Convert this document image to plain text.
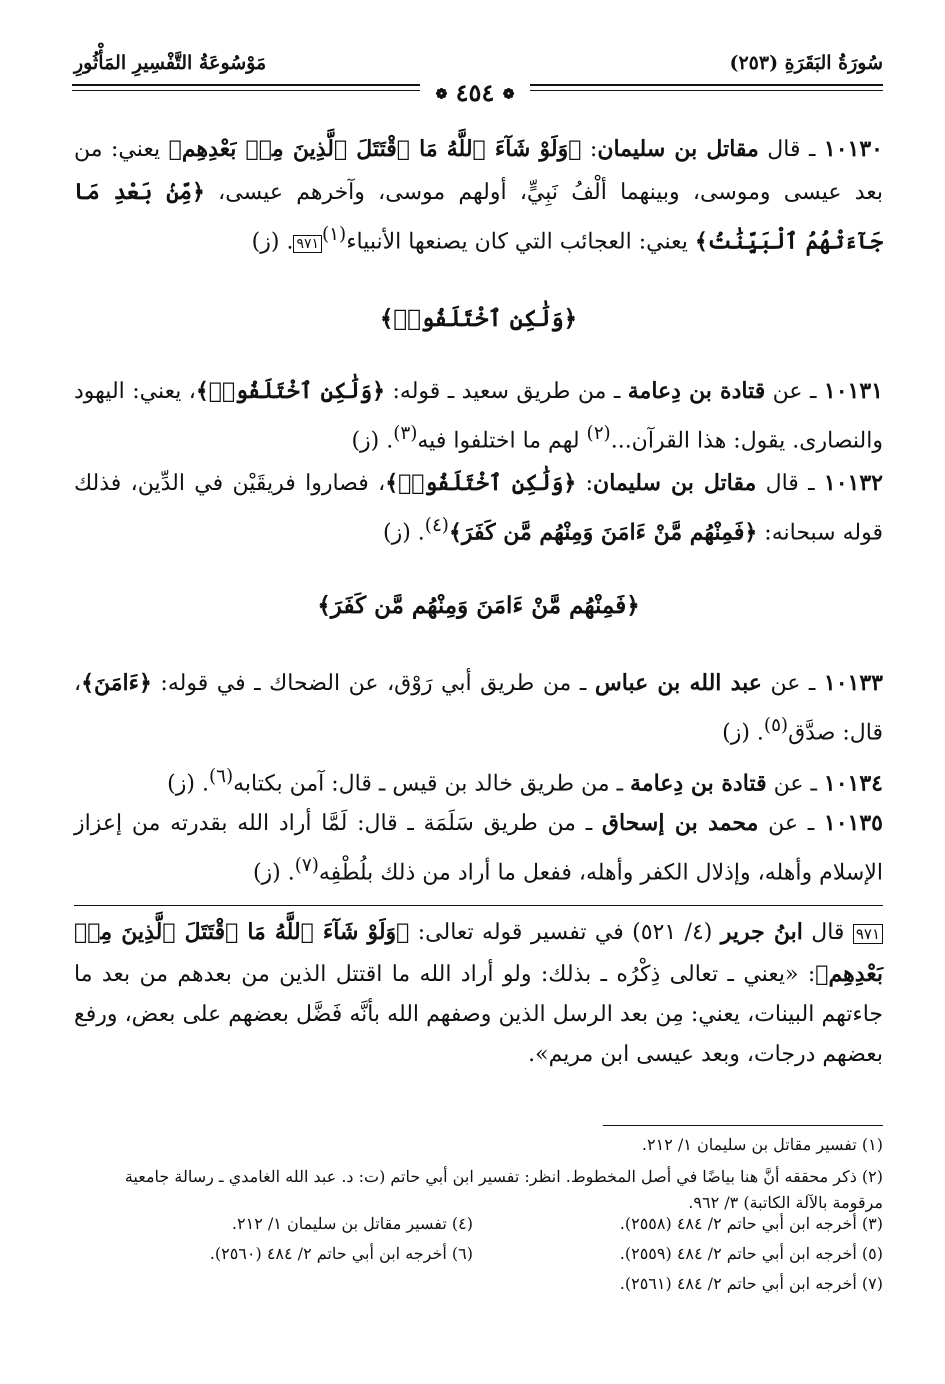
سُورَةُ البَقَرَةِ (٢٥٣)
مَوْسُوعَةُ التَّفْسِيرِ المَأْثُورِ
❁ ٤٥٤ ❁
١٠١٣٠ ـ قال مقاتل بن سليمان: ﴿وَلَوْ شَآءَ ٱللَّهُ مَا ٱقْتَتَلَ ٱلَّذِينَ مِنۢ بَعْدِهِم﴾ يعني: من بعد عيسى وموسى، وبينهما ألْفُ نَبِيٍّ، أولهم موسى، وآخرهم عيسى، ﴿مِّنۢ بَعْدِ مَا جَآءَتْهُمُ ٱلْبَيِّنَٰتُ﴾ يعني: العجائب التي كان يصنعها الأنبياء$^{(١)}$٩٧١. (ز)
﴿وَلَٰكِنِ ٱخْتَلَفُوا۟﴾
١٠١٣١ ـ عن قتادة بن دِعامة ـ من طريق سعيد ـ قوله: ﴿وَلَٰكِنِ ٱخْتَلَفُوا۟﴾، يعني: اليهود والنصارى. يقول: هذا القرآن...$^{(٢)}$ لهم ما اختلفوا فيه$^{(٣)}$. (ز)
١٠١٣٢ ـ قال مقاتل بن سليمان: ﴿وَلَٰكِنِ ٱخْتَلَفُوا۟﴾، فصاروا فريقَيْن في الدِّين، فذلك قوله سبحانه: ﴿فَمِنْهُم مَّنْ ءَامَنَ وَمِنْهُم مَّن كَفَرَ﴾$^{(٤)}$. (ز)
﴿فَمِنْهُم مَّنْ ءَامَنَ وَمِنْهُم مَّن كَفَرَ﴾
١٠١٣٣ ـ عن عبد الله بن عباس ـ من طريق أبي رَوْق، عن الضحاك ـ في قوله: ﴿ءَامَنَ﴾، قال: صدَّق$^{(٥)}$. (ز)
١٠١٣٤ ـ عن قتادة بن دِعامة ـ من طريق خالد بن قيس ـ قال: آمن بكتابه$^{(٦)}$. (ز)
١٠١٣٥ ـ عن محمد بن إسحاق ـ من طريق سَلَمَة ـ قال: لَمَّا أراد الله بقدرته من إعزاز الإسلام وأهله، وإذلال الكفر وأهله، ففعل ما أراد من ذلك بلُطْفِه$^{(٧)}$. (ز)
٩٧١ قال ابنُ جرير (٤/ ٥٢١) في تفسير قوله تعالى: ﴿وَلَوْ شَآءَ ٱللَّهُ مَا ٱقْتَتَلَ ٱلَّذِينَ مِنۢ بَعْدِهِم﴾: «يعني ـ تعالى ذِكْرُه ـ بذلك: ولو أراد الله ما اقتتل الذين من بعدهم من بعد ما جاءتهم البينات، يعني: مِن بعد الرسل الذين وصفهم الله بأنَّه فَضَّل بعضهم على بعض، ورفع بعضهم درجات، وبعد عيسى ابن مريم».
(١) تفسير مقاتل بن سليمان ١/ ٢١٢.
(٢) ذكر محققه أنَّ هنا بياضًا في أصل المخطوط. انظر: تفسير ابن أبي حاتم (ت: د. عبد الله الغامدي ـ رسالة جامعية مرقومة بالآلة الكاتبة) ٣/ ٩٦٢.
(٣) أخرجه ابن أبي حاتم ٢/ ٤٨٤ (٢٥٥٨).
(٤) تفسير مقاتل بن سليمان ١/ ٢١٢.
(٥) أخرجه ابن أبي حاتم ٢/ ٤٨٤ (٢٥٥٩).
(٦) أخرجه ابن أبي حاتم ٢/ ٤٨٤ (٢٥٦٠).
(٧) أخرجه ابن أبي حاتم ٢/ ٤٨٤ (٢٥٦١).
